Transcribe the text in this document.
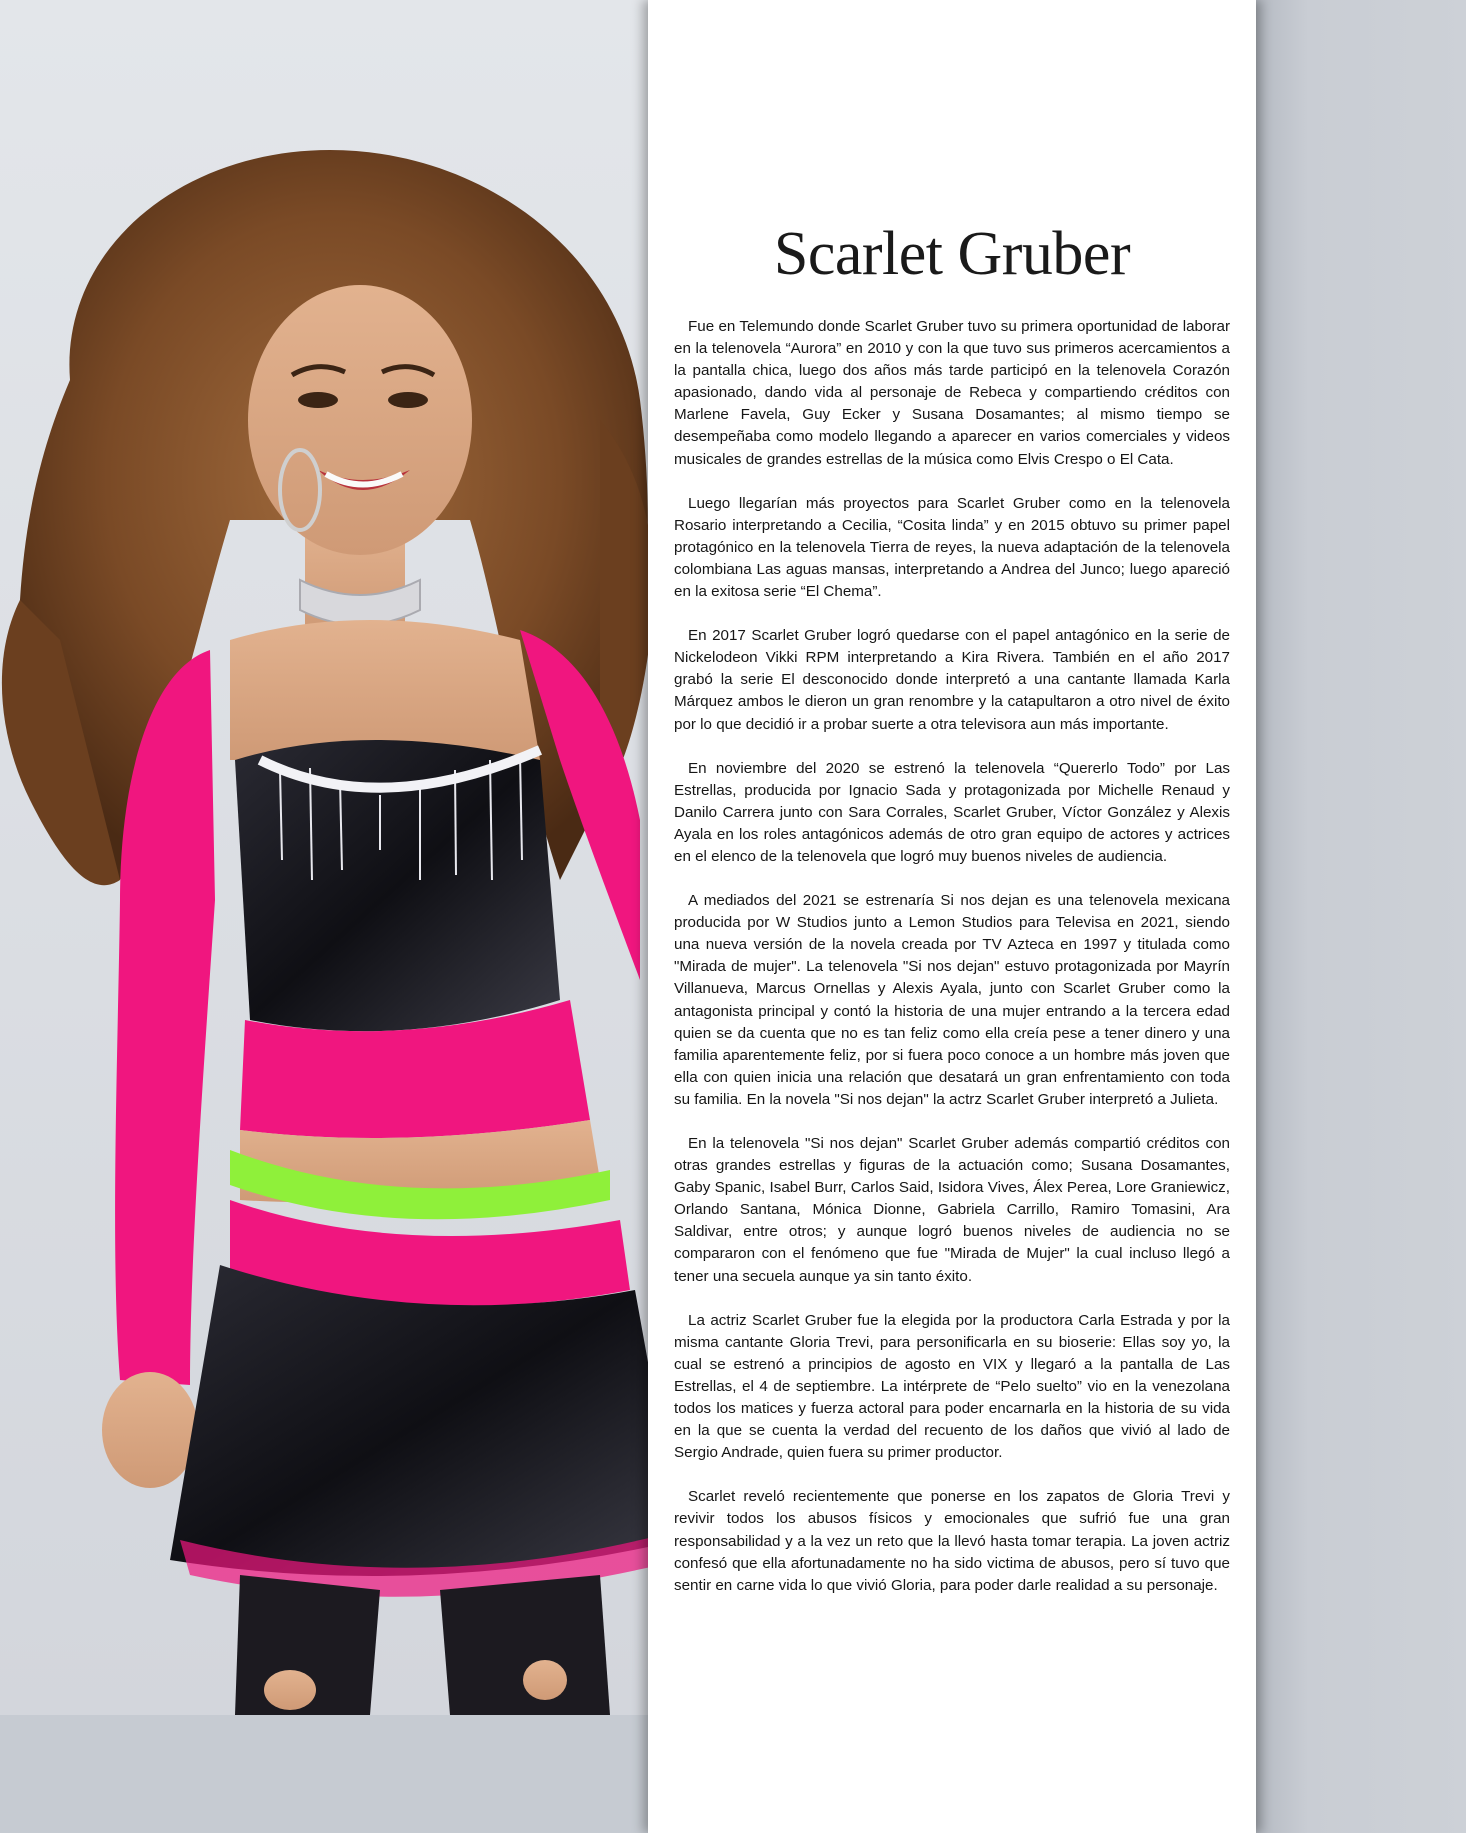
Scarlet Gruber

Fue en Telemundo donde Scarlet Gruber tuvo su primera oportunidad de laborar en la telenovela “Aurora” en 2010 y con la que tuvo sus primeros acercamientos a la pantalla chica, luego dos años más tarde participó en la telenovela Corazón apasionado, dando vida al personaje de Rebeca y compartiendo créditos con Marlene Favela, Guy Ecker y Susana Dosamantes; al mismo tiempo se desempeñaba como modelo llegando a aparecer en varios comerciales y videos musicales de grandes estrellas de la música como Elvis Crespo o El Cata.

Luego llegarían más proyectos para Scarlet Gruber como en la telenovela Rosario interpretando a Cecilia, “Cosita linda” y en 2015 obtuvo su primer papel protagónico en la telenovela Tierra de reyes, la nueva adaptación de la telenovela colombiana Las aguas mansas, interpretando a Andrea del Junco; luego apareció en la exitosa serie “El Chema”.

En 2017 Scarlet Gruber logró quedarse con el papel antagónico en la serie de Nickelodeon Vikki RPM interpretando a Kira Rivera. También en el año 2017 grabó la serie El desconocido donde interpretó a una cantante llamada Karla Márquez ambos le dieron un gran renombre y la catapultaron a otro nivel de éxito por lo que decidió ir a probar suerte a otra televisora aun más importante.

En noviembre del 2020 se estrenó la telenovela “Quererlo Todo” por Las Estrellas, producida por Ignacio Sada y protagonizada por Michelle Renaud y Danilo Carrera junto con Sara Corrales, Scarlet Gruber, Víctor González y Alexis Ayala en los roles antagónicos además de otro gran equipo de actores y actrices en el elenco de la telenovela que logró muy buenos niveles de audiencia.

A mediados del 2021 se estrenaría Si nos dejan es una telenovela mexicana producida por W Studios junto a Lemon Studios para Televisa en 2021, siendo una nueva versión de la novela creada por TV Azteca en 1997 y titulada como "Mirada de mujer". La telenovela "Si nos dejan" estuvo protagonizada por Mayrín Villanueva, Marcus Ornellas y Alexis Ayala, junto con Scarlet Gruber como la antagonista principal y contó la historia de una mujer entrando a la tercera edad quien se da cuenta que no es tan feliz como ella creía pese a tener dinero y una familia aparentemente feliz, por si fuera poco conoce a un hombre más joven que ella con quien inicia una relación que desatará un gran enfrentamiento con toda su familia. En la novela "Si nos dejan" la actrz Scarlet Gruber interpretó a Julieta.

En la telenovela "Si nos dejan" Scarlet Gruber además compartió créditos con otras grandes estrellas y figuras de la actuación como; Susana Dosamantes, Gaby Spanic, Isabel Burr, Carlos Said, Isidora Vives, Álex Perea, Lore Graniewicz, Orlando Santana, Mónica Dionne, Gabriela Carrillo, Ramiro Tomasini, Ara Saldivar, entre otros; y aunque logró buenos niveles de audiencia no se compararon con el fenómeno que fue "Mirada de Mujer" la cual incluso llegó a tener una secuela aunque ya sin tanto éxito.

La actriz Scarlet Gruber fue la elegida por la productora Carla Estrada y por la misma cantante Gloria Trevi, para personificarla en su bioserie: Ellas soy yo, la cual se estrenó a principios de agosto en VIX y llegaró a la pantalla de Las Estrellas, el 4 de septiembre. La intérprete de “Pelo suelto” vio en la venezolana todos los matices y fuerza actoral para poder encarnarla en la historia de su vida en la que se cuenta la verdad del recuento de los daños que vivió al lado de Sergio Andrade, quien fuera su primer productor.

Scarlet reveló recientemente que ponerse en los zapatos de Gloria Trevi y revivir todos los abusos físicos y emocionales que sufrió fue una gran responsabilidad y a la vez un reto que la llevó hasta tomar terapia. La joven actriz confesó que ella afortunadamente no ha sido victima de abusos, pero sí tuvo que sentir en carne vida lo que vivió Gloria, para poder darle realidad a su personaje.
